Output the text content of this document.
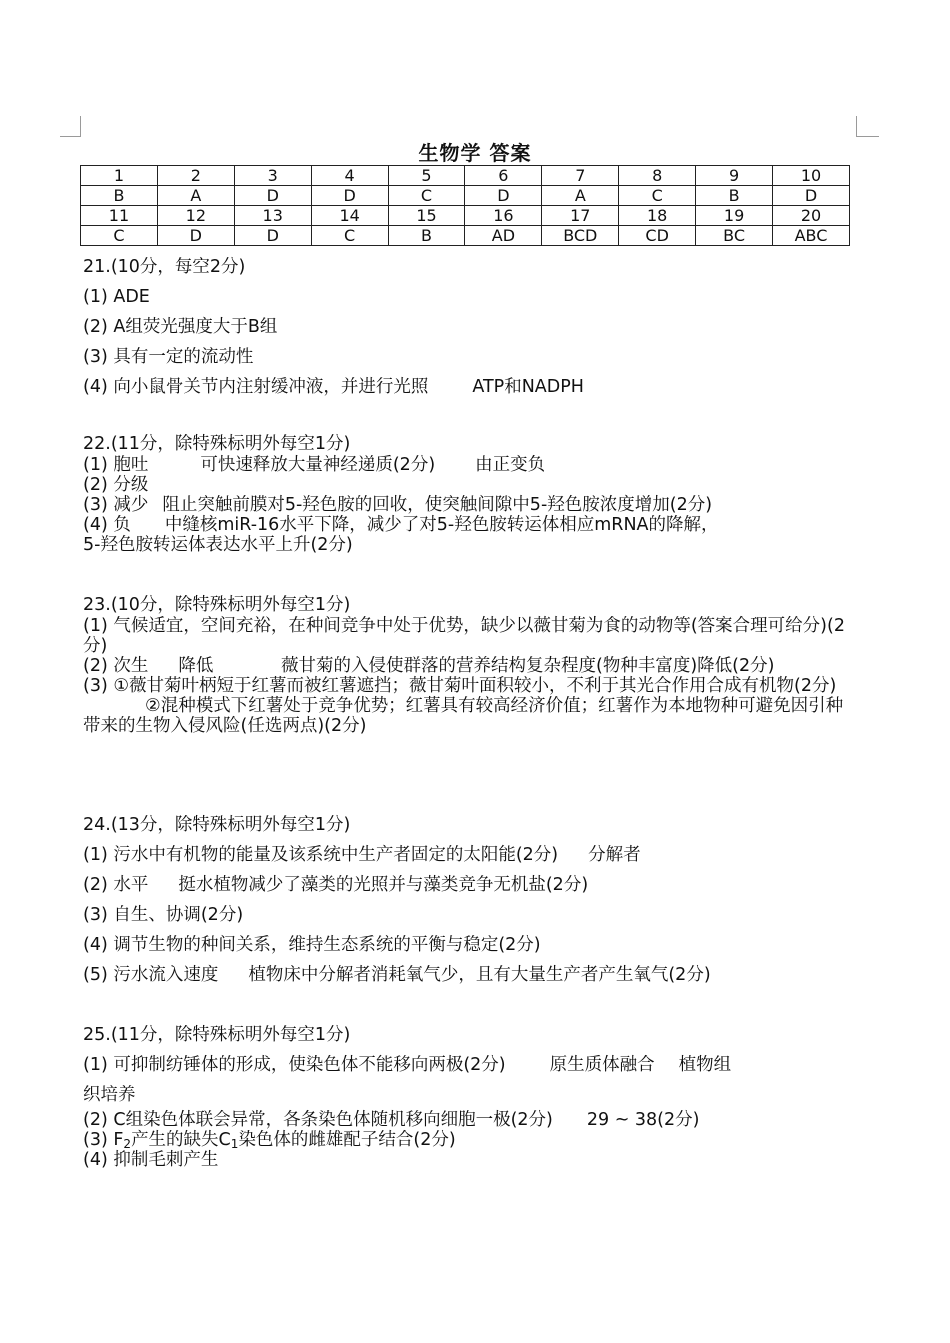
生物学 答案
1	2	3	4	5	6	7	8	9	10
B	A	D	D	C	D	A	C	B	D
11	12	13	14	15	16	17	18	19	20
C	D	D	C	B	AD	BCD	CD	BC	ABC
21.(10分，每空2分)
(1) ADE
(2) A组荧光强度大于B组
(3) 具有一定的流动性
(4) 向小鼠骨关节内注射缓冲液，并进行光照	ATP和NADPH
22.(11分，除特殊标明外每空1分)
(1) 胞吐	可快速释放大量神经递质(2分) 由正变负
(2) 分级
(3) 减少 阻止突触前膜对5-羟色胺的回收，使突触间隙中5-羟色胺浓度增加(2分)
(4) 负 中缝核miR-16水平下降，减少了对5-羟色胺转运体相应mRNA的降解，
5-羟色胺转运体表达水平上升(2分)
23.(10分，除特殊标明外每空1分)
(1) 气候适宜，空间充裕，在种间竞争中处于优势，缺少以薇甘菊为食的动物等(答案合理可给分)(2分)
(2) 次生 降低	薇甘菊的入侵使群落的营养结构复杂程度(物种丰富度)降低(2分)
(3) ①薇甘菊叶柄短于红薯而被红薯遮挡；薇甘菊叶面积较小，不利于其光合作用合成有机物(2分)
②混种模式下红薯处于竞争优势；红薯具有较高经济价值；红薯作为本地物种可避免因引种带来的生物入侵风险(任选两点)(2分)
24.(13分，除特殊标明外每空1分)
(1) 污水中有机物的能量及该系统中生产者固定的太阳能(2分) 分解者
(2) 水平 挺水植物减少了藻类的光照并与藻类竞争无机盐(2分)
(3) 自生、协调(2分)
(4) 调节生物的种间关系，维持生态系统的平衡与稳定(2分)
(5) 污水流入速度 植物床中分解者消耗氧气少，且有大量生产者产生氧气(2分)
25.(11分，除特殊标明外每空1分)
(1) 可抑制纺锤体的形成，使染色体不能移向两极(2分)	原生质体融合 植物组
织培养
(2) C组染色体联会异常，各条染色体随机移向细胞一极(2分) 29 ~ 38(2分)
(3) $F_2$产生的缺失$C_1$染色体的雌雄配子结合(2分)
(4) 抑制毛刺产生
